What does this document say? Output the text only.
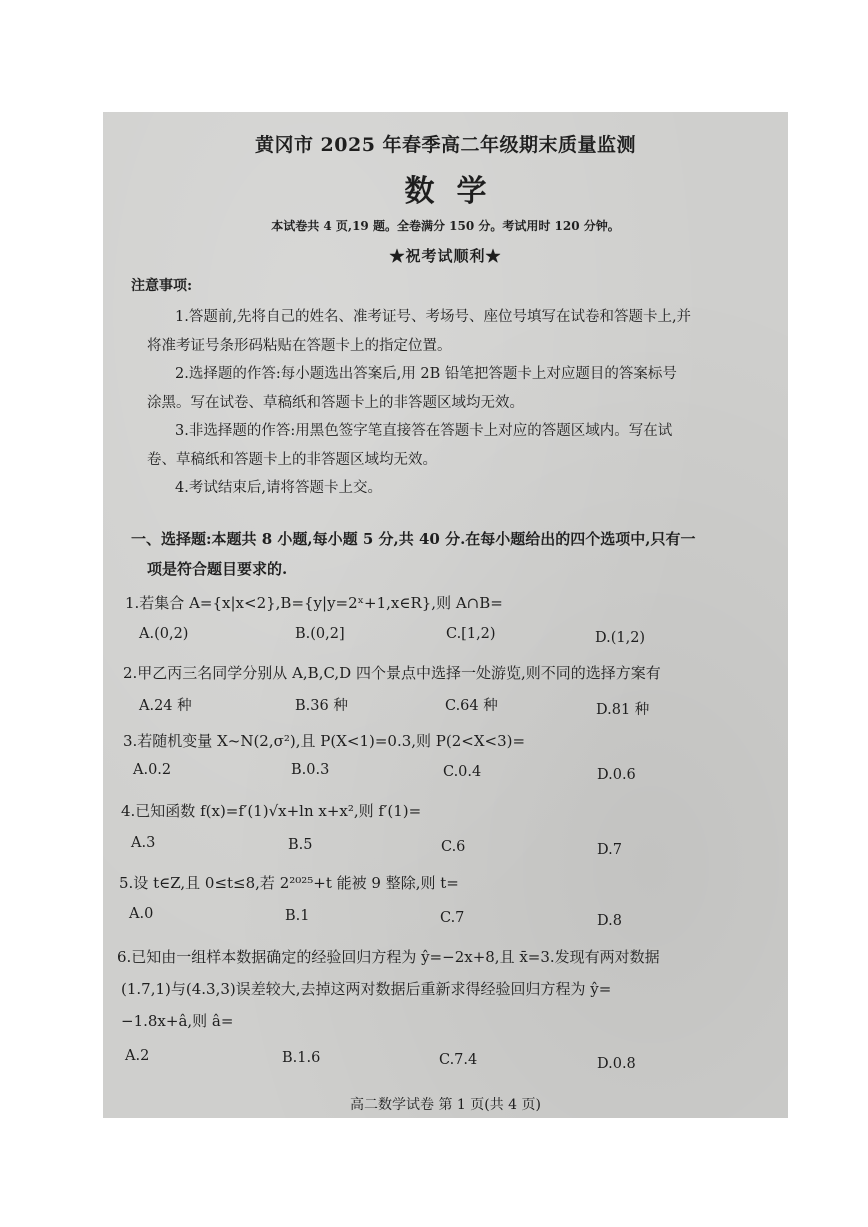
黄冈市 2025 年春季高二年级期末质量监测
数学
本试卷共 4 页,19 题。全卷满分 150 分。考试用时 120 分钟。
★祝考试顺利★
注意事项:
1.答题前,先将自己的姓名、准考证号、考场号、座位号填写在试卷和答题卡上,并
将准考证号条形码粘贴在答题卡上的指定位置。
2.选择题的作答:每小题选出答案后,用 2B 铅笔把答题卡上对应题目的答案标号
涂黑。写在试卷、草稿纸和答题卡上的非答题区域均无效。
3.非选择题的作答:用黑色签字笔直接答在答题卡上对应的答题区域内。写在试
卷、草稿纸和答题卡上的非答题区域均无效。
4.考试结束后,请将答题卡上交。
一、选择题:本题共 8 小题,每小题 5 分,共 40 分.在每小题给出的四个选项中,只有一
项是符合题目要求的.
1.若集合 A={x|x<2},B={y|y=2ˣ+1,x∈R},则 A∩B=
A.(0,2)	B.(0,2]	C.[1,2)	D.(1,2)
2.甲乙丙三名同学分别从 A,B,C,D 四个景点中选择一处游览,则不同的选择方案有
A.24 种	B.36 种	C.64 种	D.81 种
3.若随机变量 X~N(2,σ²),且 P(X<1)=0.3,则 P(2<X<3)=
A.0.2	B.0.3	C.0.4	D.0.6
4.已知函数 f(x)=f′(1)√x+ln x+x²,则 f′(1)=
A.3	B.5	C.6	D.7
5.设 t∈Z,且 0≤t≤8,若 2²⁰²⁵+t 能被 9 整除,则 t=
A.0	B.1	C.7	D.8
6.已知由一组样本数据确定的经验回归方程为 ŷ=−2x+8,且 x̄=3.发现有两对数据
(1.7,1)与(4.3,3)误差较大,去掉这两对数据后重新求得经验回归方程为 ŷ=
−1.8x+â,则 â=
A.2	B.1.6	C.7.4	D.0.8
高二数学试卷 第 1 页(共 4 页)
